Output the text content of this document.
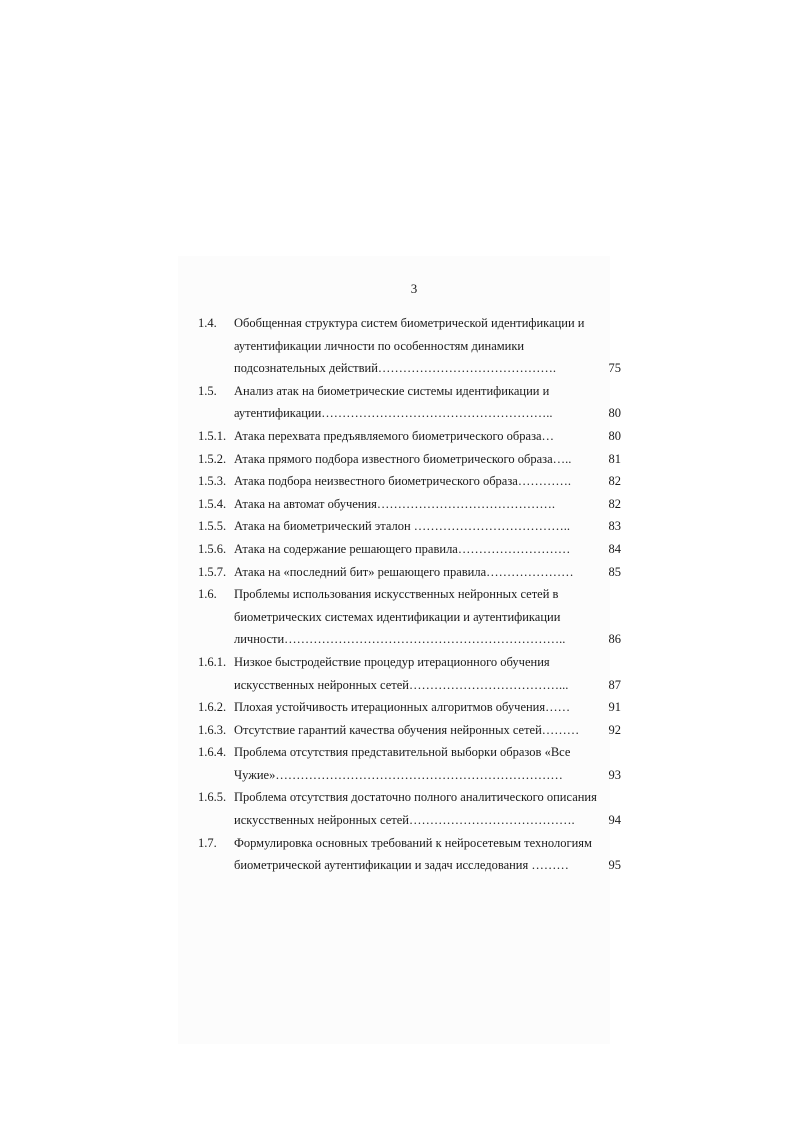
3
1.4. Обобщенная структура систем биометрической идентификации и
аутентификации личности по особенностям динамики
подсознательных действий…………………………………….	75
1.5. Анализ атак на биометрические системы идентификации и
аутентификации………………………………………………..	80
1.5.1. Атака перехвата предъявляемого биометрического образа…	80
1.5.2. Атака прямого подбора известного биометрического образа…..	81
1.5.3. Атака подбора неизвестного биометрического образа………….	82
1.5.4. Атака на автомат обучения…………………………………….	82
1.5.5. Атака на биометрический эталон ………………………………..	83
1.5.6. Атака на содержание решающего правила………………………	84
1.5.7. Атака на «последний бит» решающего правила…………………	85
1.6. Проблемы использования искусственных нейронных сетей в
биометрических системах идентификации и аутентификации
личности…………………………………………………………..	86
1.6.1. Низкое быстродействие процедур итерационного обучения
искусственных нейронных сетей………………………………...	87
1.6.2. Плохая устойчивость итерационных алгоритмов обучения……	91
1.6.3. Отсутствие гарантий качества обучения нейронных сетей……… 92
1.6.4. Проблема отсутствия представительной выборки образов «Все
Чужие»……………………………………………………………	93
1.6.5. Проблема отсутствия достаточно полного аналитического описания
искусственных нейронных сетей………………………………….	94
1.7. Формулировка основных требований к нейросетевым технологиям
биометрической аутентификации и задач исследования ………	95
